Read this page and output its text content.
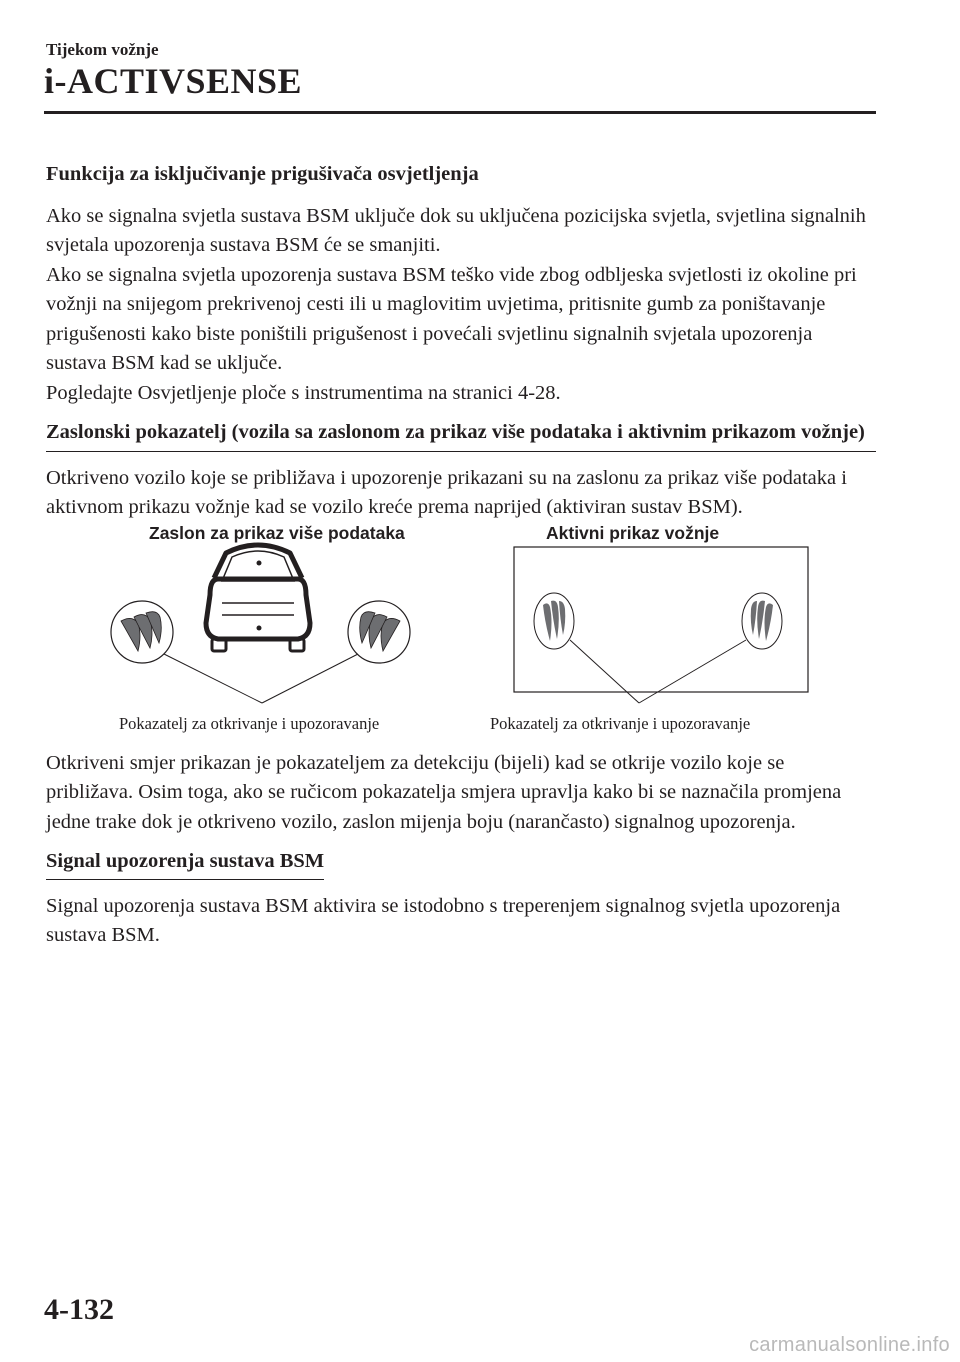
Tijekom vožnje

i-ACTIVSENSE

Funkcija za isključivanje prigušivača osvjetljenja

Ako se signalna svjetla sustava BSM uključe dok su uključena pozicijska svjetla, svjetlina signalnih svjetala upozorenja sustava BSM će se smanjiti.

Ako se signalna svjetla upozorenja sustava BSM teško vide zbog odbljeska svjetlosti iz okoline pri vožnji na snijegom prekrivenoj cesti ili u maglovitim uvjetima, pritisnite gumb za poništavanje prigušenosti kako biste poništili prigušenost i povećali svjetlinu signalnih svjetala upozorenja sustava BSM kad se uključe.

Pogledajte Osvjetljenje ploče s instrumentima na stranici 4-28.

Zaslonski pokazatelj (vozila sa zaslonom za prikaz više podataka i aktivnim prikazom vožnje)

Otkriveno vozilo koje se približava i upozorenje prikazani su na zaslonu za prikaz više podataka i aktivnom prikazu vožnje kad se vozilo kreće prema naprijed (aktiviran sustav BSM).

Zaslon za prikaz više podataka	Aktivni prikaz vožnje
Pokazatelj za otkrivanje i upozoravanje	Pokazatelj za otkrivanje i upozoravanje

Otkriveni smjer prikazan je pokazateljem za detekciju (bijeli) kad se otkrije vozilo koje se približava. Osim toga, ako se ručicom pokazatelja smjera upravlja kako bi se naznačila promjena jedne trake dok je otkriveno vozilo, zaslon mijenja boju (narančasto) signalnog upozorenja.

Signal upozorenja sustava BSM

Signal upozorenja sustava BSM aktivira se istodobno s treperenjem signalnog svjetla upozorenja sustava BSM.

4-132

carmanualsonline.info
